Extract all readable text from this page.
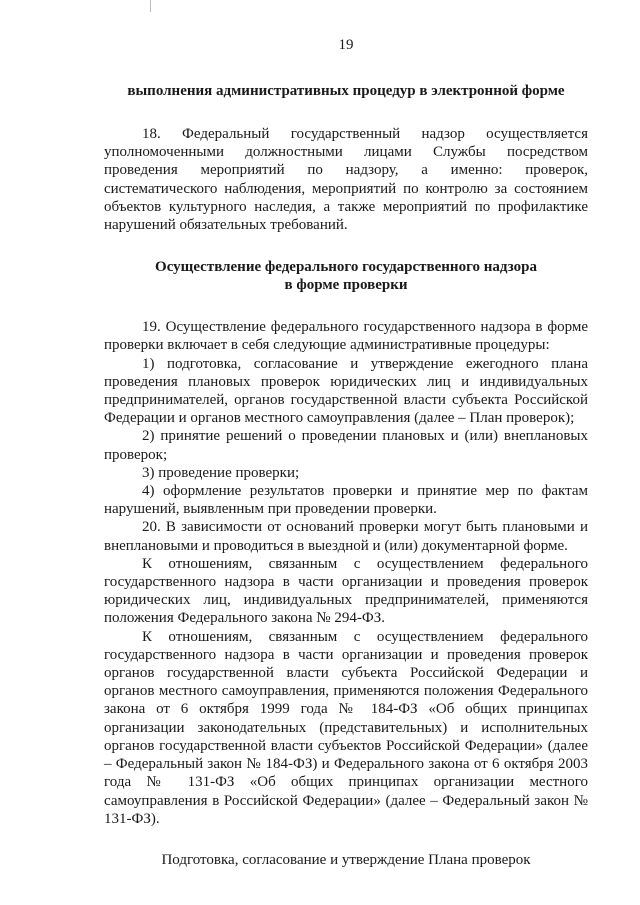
19

выполнения административных процедур в электронной форме

18. Федеральный государственный надзор осуществляется уполномоченными должностными лицами Службы посредством проведения мероприятий по надзору, а именно: проверок, систематического наблюдения, мероприятий по контролю за состоянием объектов культурного наследия, а также мероприятий по профилактике нарушений обязательных требований.

Осуществление федерального государственного надзора

в форме проверки

19. Осуществление федерального государственного надзора в форме проверки включает в себя следующие административные процедуры:

1) подготовка, согласование и утверждение ежегодного плана проведения плановых проверок юридических лиц и индивидуальных предпринимателей, органов государственной власти субъекта Российской Федерации и органов местного самоуправления (далее – План проверок);

2) принятие решений о проведении плановых и (или) внеплановых проверок;

3) проведение проверки;

4) оформление результатов проверки и принятие мер по фактам нарушений, выявленным при проведении проверки.

20. В зависимости от оснований проверки могут быть плановыми и внеплановыми и проводиться в выездной и (или) документарной форме.

К отношениям, связанным с осуществлением федерального государственного надзора в части организации и проведения проверок юридических лиц, индивидуальных предпринимателей, применяются положения Федерального закона № 294-ФЗ.

К отношениям, связанным с осуществлением федерального государственного надзора в части организации и проведения проверок органов государственной власти субъекта Российской Федерации и органов местного самоуправления, применяются положения Федерального закона от 6 октября 1999 года № 184-ФЗ «Об общих принципах организации законодательных (представительных) и исполнительных органов государственной власти субъектов Российской Федерации» (далее – Федеральный закон № 184-ФЗ) и Федерального закона от 6 октября 2003 года № 131-ФЗ «Об общих принципах организации местного самоуправления в Российской Федерации» (далее – Федеральный закон № 131-ФЗ).

Подготовка, согласование и утверждение Плана проверок
